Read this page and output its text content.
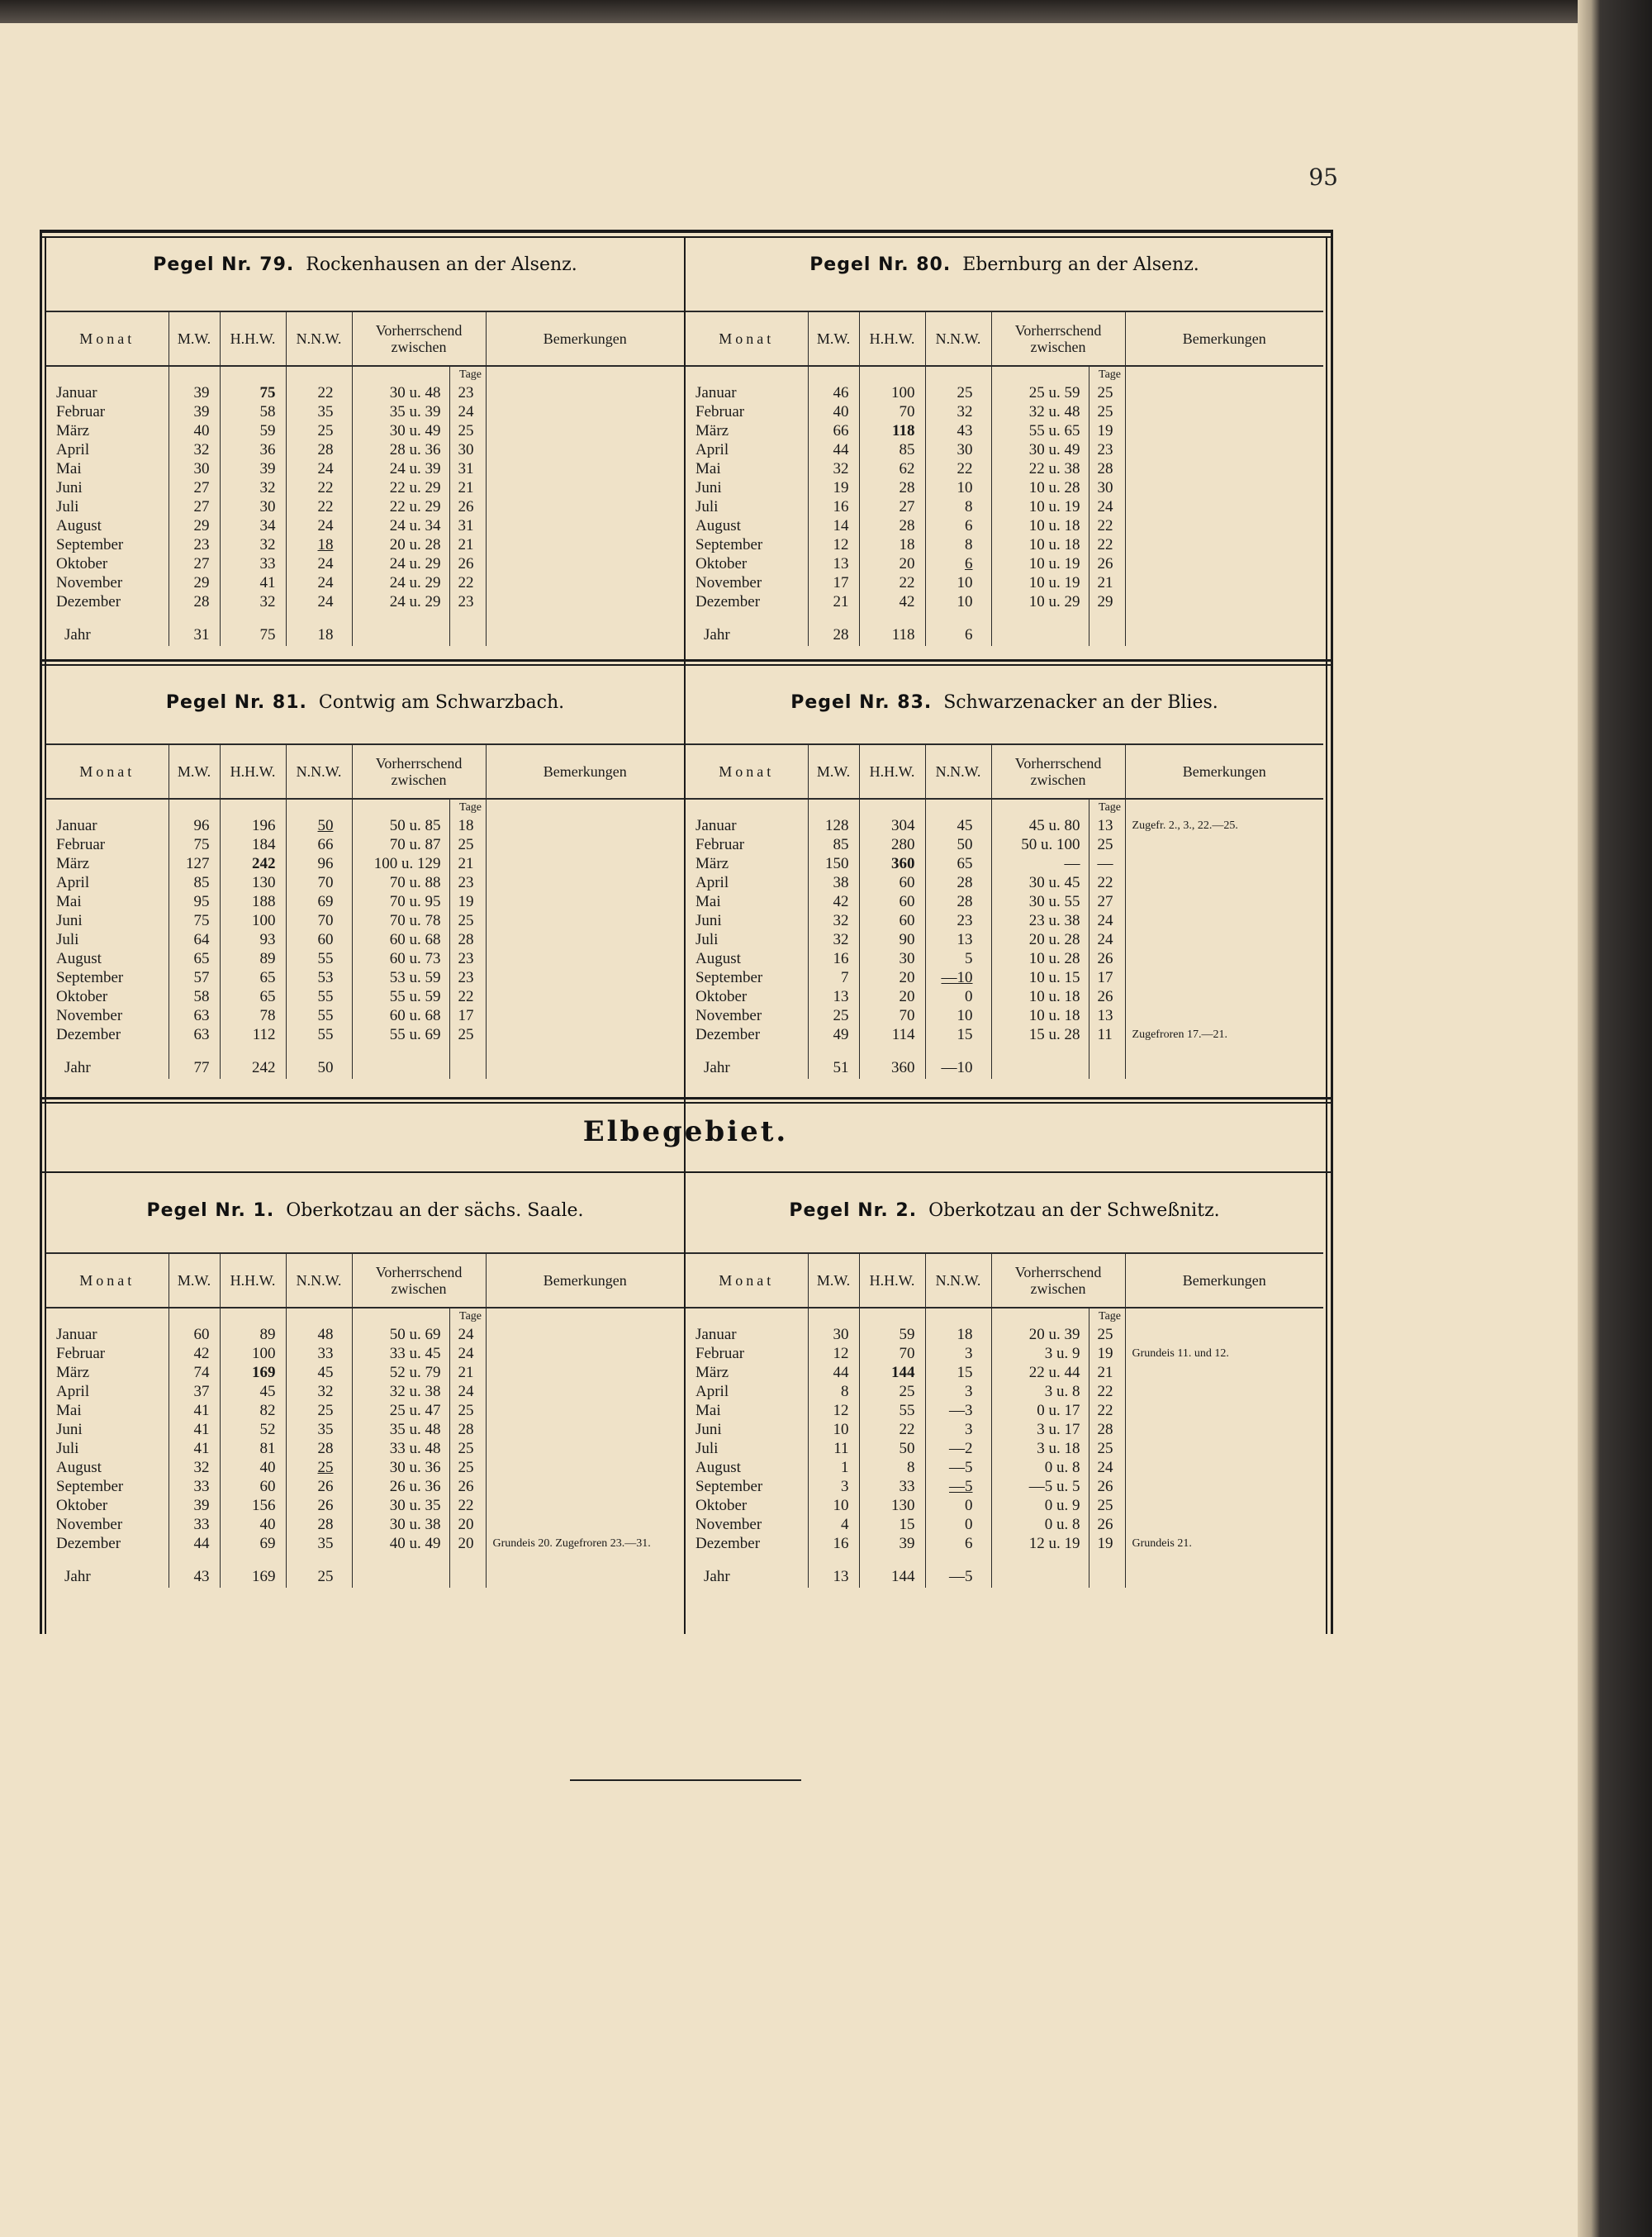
95
Pegel Nr. 79. Rockenhausen an der Alsenz.	Pegel Nr. 80. Ebernburg an der Alsenz.
Pegel Nr. 81. Contwig am Schwarzbach.	Pegel Nr. 83. Schwarzenacker an der Blies.
Elbegebiet.
Pegel Nr. 1. Oberkotzau an der sächs. Saale.	Pegel Nr. 2. Oberkotzau an der Schweßnitz.
Monat	M.W.	H.H.W.	N.N.W.	Vorherrschend zwischen		Bemerkungen
					Tage	
Januar	39	75	22	30 u. 48	23	
Februar	39	58	35	35 u. 39	24	
März	40	59	25	30 u. 49	25	
April	32	36	28	28 u. 36	30	
Mai	30	39	24	24 u. 39	31	
Juni	27	32	22	22 u. 29	21	
Juli	27	30	22	22 u. 29	26	
August	29	34	24	24 u. 34	31	
September	23	32	18	20 u. 28	21	
Oktober	27	33	24	24 u. 29	26	
November	29	41	24	24 u. 29	22	
Dezember	28	32	24	24 u. 29	23	
Jahr	31	75	18			
Monat	M.W.	H.H.W.	N.N.W.	Vorherrschend zwischen		Bemerkungen
					Tage	
Januar	46	100	25	25 u. 59	25	
Februar	40	70	32	32 u. 48	25	
März	66	118	43	55 u. 65	19	
April	44	85	30	30 u. 49	23	
Mai	32	62	22	22 u. 38	28	
Juni	19	28	10	10 u. 28	30	
Juli	16	27	8	10 u. 19	24	
August	14	28	6	10 u. 18	22	
September	12	18	8	10 u. 18	22	
Oktober	13	20	6	10 u. 19	26	
November	17	22	10	10 u. 19	21	
Dezember	21	42	10	10 u. 29	29	
Jahr	28	118	6			
Monat	M.W.	H.H.W.	N.N.W.	Vorherrschend zwischen		Bemerkungen
					Tage	
Januar	96	196	50	50 u. 85	18	
Februar	75	184	66	70 u. 87	25	
März	127	242	96	100 u. 129	21	
April	85	130	70	70 u. 88	23	
Mai	95	188	69	70 u. 95	19	
Juni	75	100	70	70 u. 78	25	
Juli	64	93	60	60 u. 68	28	
August	65	89	55	60 u. 73	23	
September	57	65	53	53 u. 59	23	
Oktober	58	65	55	55 u. 59	22	
November	63	78	55	60 u. 68	17	
Dezember	63	112	55	55 u. 69	25	
Jahr	77	242	50			
Monat	M.W.	H.H.W.	N.N.W.	Vorherrschend zwischen		Bemerkungen
					Tage	
Januar	128	304	45	45 u. 80	13	Zugefr. 2., 3., 22.—25.
Februar	85	280	50	50 u. 100	25	
März	150	360	65	—	—	
April	38	60	28	30 u. 45	22	
Mai	42	60	28	30 u. 55	27	
Juni	32	60	23	23 u. 38	24	
Juli	32	90	13	20 u. 28	24	
August	16	30	5	10 u. 28	26	
September	7	20	—10	10 u. 15	17	
Oktober	13	20	0	10 u. 18	26	
November	25	70	10	10 u. 18	13	
Dezember	49	114	15	15 u. 28	11	Zugefroren 17.—21.
Jahr	51	360	—10			
Monat	M.W.	H.H.W.	N.N.W.	Vorherrschend zwischen		Bemerkungen
					Tage	
Januar	60	89	48	50 u. 69	24	
Februar	42	100	33	33 u. 45	24	
März	74	169	45	52 u. 79	21	
April	37	45	32	32 u. 38	24	
Mai	41	82	25	25 u. 47	25	
Juni	41	52	35	35 u. 48	28	
Juli	41	81	28	33 u. 48	25	
August	32	40	25	30 u. 36	25	
September	33	60	26	26 u. 36	26	
Oktober	39	156	26	30 u. 35	22	
November	33	40	28	30 u. 38	20	
Dezember	44	69	35	40 u. 49	20	Grundeis 20. Zugefroren 23.—31.
Jahr	43	169	25			
Monat	M.W.	H.H.W.	N.N.W.	Vorherrschend zwischen		Bemerkungen
					Tage	
Januar	30	59	18	20 u. 39	25	
Februar	12	70	3	3 u. 9	19	Grundeis 11. und 12.
März	44	144	15	22 u. 44	21	
April	8	25	3	3 u. 8	22	
Mai	12	55	—3	0 u. 17	22	
Juni	10	22	3	3 u. 17	28	
Juli	11	50	—2	3 u. 18	25	
August	1	8	—5	0 u. 8	24	
September	3	33	—5	—5 u. 5	26	
Oktober	10	130	0	0 u. 9	25	
November	4	15	0	0 u. 8	26	
Dezember	16	39	6	12 u. 19	19	Grundeis 21.
Jahr	13	144	—5			
